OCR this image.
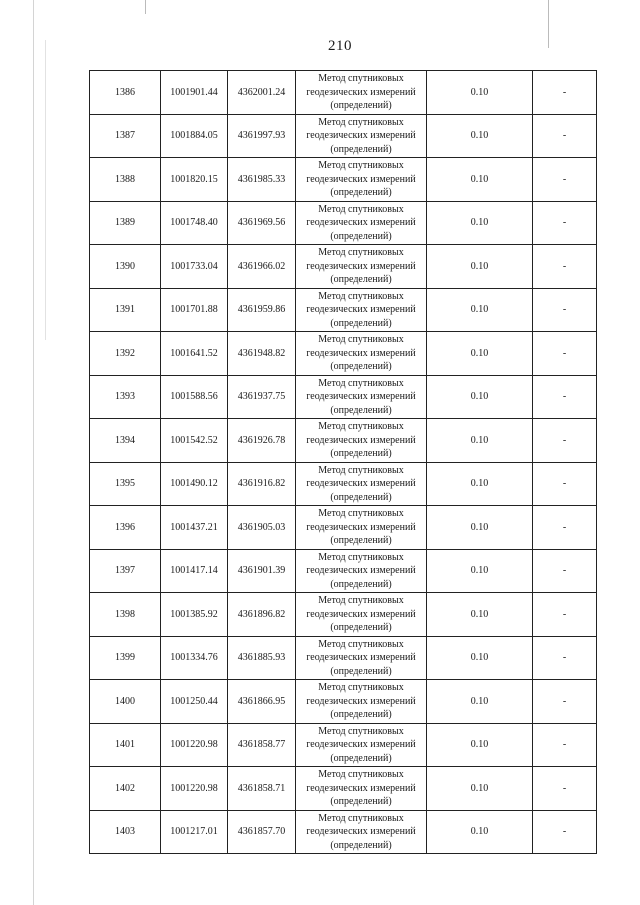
210
1386	1001901.44	4362001.24	Метод спутниковых геодезических измерений (определений)	0.10	-
1387	1001884.05	4361997.93	Метод спутниковых геодезических измерений (определений)	0.10	-
1388	1001820.15	4361985.33	Метод спутниковых геодезических измерений (определений)	0.10	-
1389	1001748.40	4361969.56	Метод спутниковых геодезических измерений (определений)	0.10	-
1390	1001733.04	4361966.02	Метод спутниковых геодезических измерений (определений)	0.10	-
1391	1001701.88	4361959.86	Метод спутниковых геодезических измерений (определений)	0.10	-
1392	1001641.52	4361948.82	Метод спутниковых геодезических измерений (определений)	0.10	-
1393	1001588.56	4361937.75	Метод спутниковых геодезических измерений (определений)	0.10	-
1394	1001542.52	4361926.78	Метод спутниковых геодезических измерений (определений)	0.10	-
1395	1001490.12	4361916.82	Метод спутниковых геодезических измерений (определений)	0.10	-
1396	1001437.21	4361905.03	Метод спутниковых геодезических измерений (определений)	0.10	-
1397	1001417.14	4361901.39	Метод спутниковых геодезических измерений (определений)	0.10	-
1398	1001385.92	4361896.82	Метод спутниковых геодезических измерений (определений)	0.10	-
1399	1001334.76	4361885.93	Метод спутниковых геодезических измерений (определений)	0.10	-
1400	1001250.44	4361866.95	Метод спутниковых геодезических измерений (определений)	0.10	-
1401	1001220.98	4361858.77	Метод спутниковых геодезических измерений (определений)	0.10	-
1402	1001220.98	4361858.71	Метод спутниковых геодезических измерений (определений)	0.10	-
1403	1001217.01	4361857.70	Метод спутниковых геодезических измерений (определений)	0.10	-
